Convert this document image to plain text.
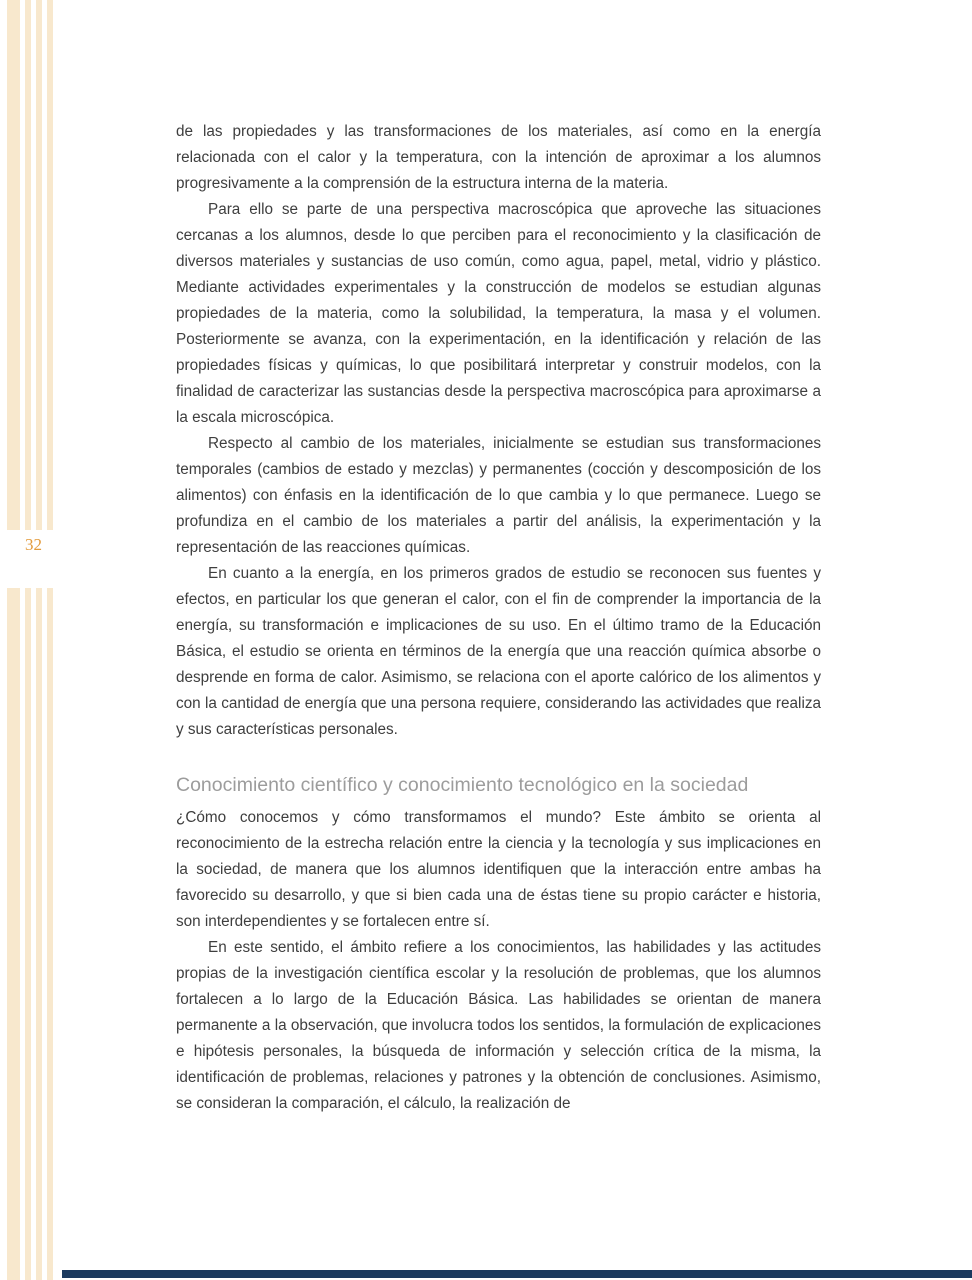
32

de las propiedades y las transformaciones de los materiales, así como en la energía relacionada con el calor y la temperatura, con la intención de aproximar a los alumnos progresivamente a la comprensión de la estructura interna de la materia.

Para ello se parte de una perspectiva macroscópica que aproveche las situaciones cercanas a los alumnos, desde lo que perciben para el reconocimiento y la clasificación de diversos materiales y sustancias de uso común, como agua, papel, metal, vidrio y plástico. Mediante actividades experimentales y la construcción de modelos se estudian algunas propiedades de la materia, como la solubilidad, la temperatura, la masa y el volumen. Posteriormente se avanza, con la experimentación, en la identificación y relación de las propiedades físicas y químicas, lo que posibilitará interpretar y construir modelos, con la finalidad de caracterizar las sustancias desde la perspectiva macroscópica para aproximarse a la escala microscópica.

Respecto al cambio de los materiales, inicialmente se estudian sus transformaciones temporales (cambios de estado y mezclas) y permanentes (cocción y descomposición de los alimentos) con énfasis en la identificación de lo que cambia y lo que permanece. Luego se profundiza en el cambio de los materiales a partir del análisis, la experimentación y la representación de las reacciones químicas.

En cuanto a la energía, en los primeros grados de estudio se reconocen sus fuentes y efectos, en particular los que generan el calor, con el fin de comprender la importancia de la energía, su transformación e implicaciones de su uso. En el último tramo de la Educación Básica, el estudio se orienta en términos de la energía que una reacción química absorbe o desprende en forma de calor. Asimismo, se relaciona con el aporte calórico de los alimentos y con la cantidad de energía que una persona requiere, considerando las actividades que realiza y sus características personales.

Conocimiento científico y conocimiento tecnológico en la sociedad

¿Cómo conocemos y cómo transformamos el mundo? Este ámbito se orienta al reconocimiento de la estrecha relación entre la ciencia y la tecnología y sus implicaciones en la sociedad, de manera que los alumnos identifiquen que la interacción entre ambas ha favorecido su desarrollo, y que si bien cada una de éstas tiene su propio carácter e historia, son interdependientes y se fortalecen entre sí.

En este sentido, el ámbito refiere a los conocimientos, las habilidades y las actitudes propias de la investigación científica escolar y la resolución de problemas, que los alumnos fortalecen a lo largo de la Educación Básica. Las habilidades se orientan de manera permanente a la observación, que involucra todos los sentidos, la formulación de explicaciones e hipótesis personales, la búsqueda de información y selección crítica de la misma, la identificación de problemas, relaciones y patrones y la obtención de conclusiones. Asimismo, se consideran la comparación, el cálculo, la realización de
